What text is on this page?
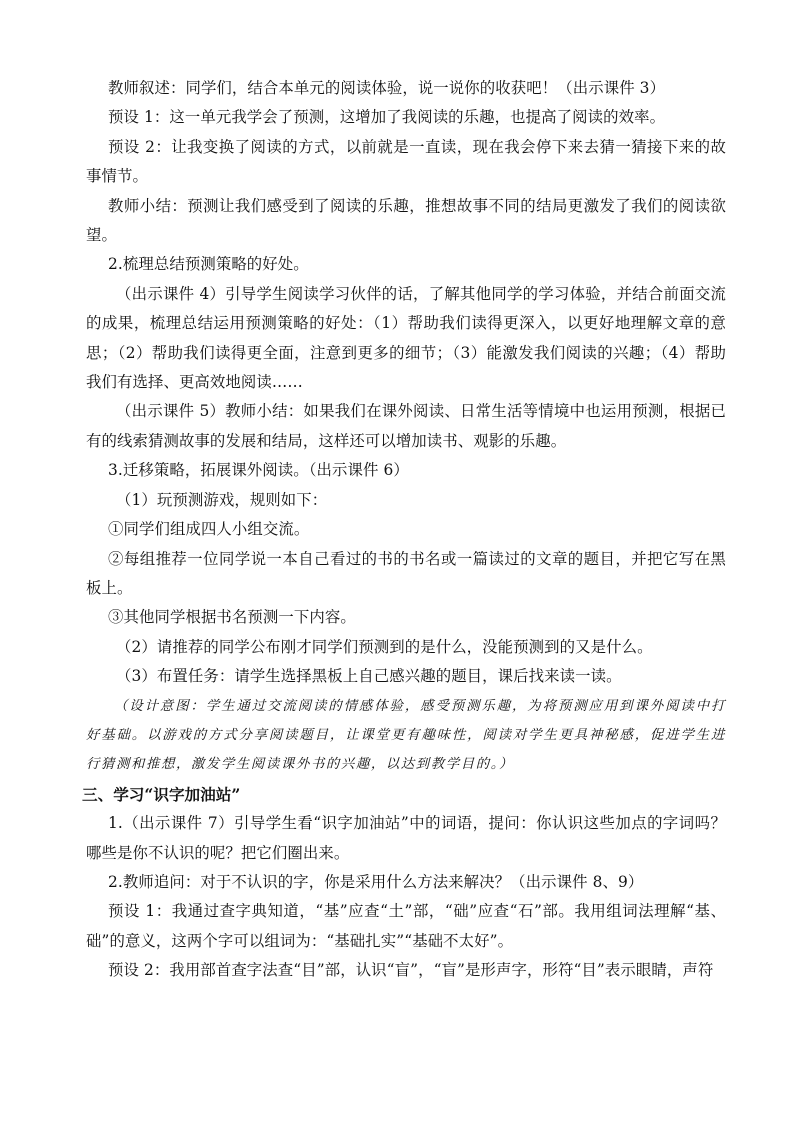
教师叙述：同学们，结合本单元的阅读体验，说一说你的收获吧！（出示课件 3）

预设 1：这一单元我学会了预测，这增加了我阅读的乐趣，也提高了阅读的效率。

预设 2：让我变换了阅读的方式，以前就是一直读，现在我会停下来去猜一猜接下来的故事情节。

教师小结：预测让我们感受到了阅读的乐趣，推想故事不同的结局更激发了我们的阅读欲望。

2.梳理总结预测策略的好处。

（出示课件 4）引导学生阅读学习伙伴的话，了解其他同学的学习体验，并结合前面交流的成果，梳理总结运用预测策略的好处：（1）帮助我们读得更深入，以更好地理解文章的意思；（2）帮助我们读得更全面，注意到更多的细节；（3）能激发我们阅读的兴趣；（4）帮助我们有选择、更高效地阅读……

（出示课件 5）教师小结：如果我们在课外阅读、日常生活等情境中也运用预测，根据已有的线索猜测故事的发展和结局，这样还可以增加读书、观影的乐趣。

3.迁移策略，拓展课外阅读。（出示课件 6）

（1）玩预测游戏，规则如下：

①同学们组成四人小组交流。

②每组推荐一位同学说一本自己看过的书的书名或一篇读过的文章的题目，并把它写在黑板上。

③其他同学根据书名预测一下内容。

（2）请推荐的同学公布刚才同学们预测到的是什么，没能预测到的又是什么。

（3）布置任务：请学生选择黑板上自己感兴趣的题目，课后找来读一读。

（设计意图：学生通过交流阅读的情感体验，感受预测乐趣，为将预测应用到课外阅读中打好基础。以游戏的方式分享阅读题目，让课堂更有趣味性，阅读对学生更具神秘感，促进学生进行猜测和推想，激发学生阅读课外书的兴趣，以达到教学目的。）

三、学习“识字加油站”

1.（出示课件 7）引导学生看“识字加油站”中的词语，提问：你认识这些加点的字词吗？哪些是你不认识的呢？把它们圈出来。

2.教师追问：对于不认识的字，你是采用什么方法来解决？（出示课件 8、9）

预设 1：我通过查字典知道，“基”应查“土”部，“础”应查“石”部。我用组词法理解“基、础”的意义，这两个字可以组词为：“基础扎实”“基础不太好”。

预设 2：我用部首查字法查“目”部，认识“盲”，“盲”是形声字，形符“目”表示眼睛，声符
